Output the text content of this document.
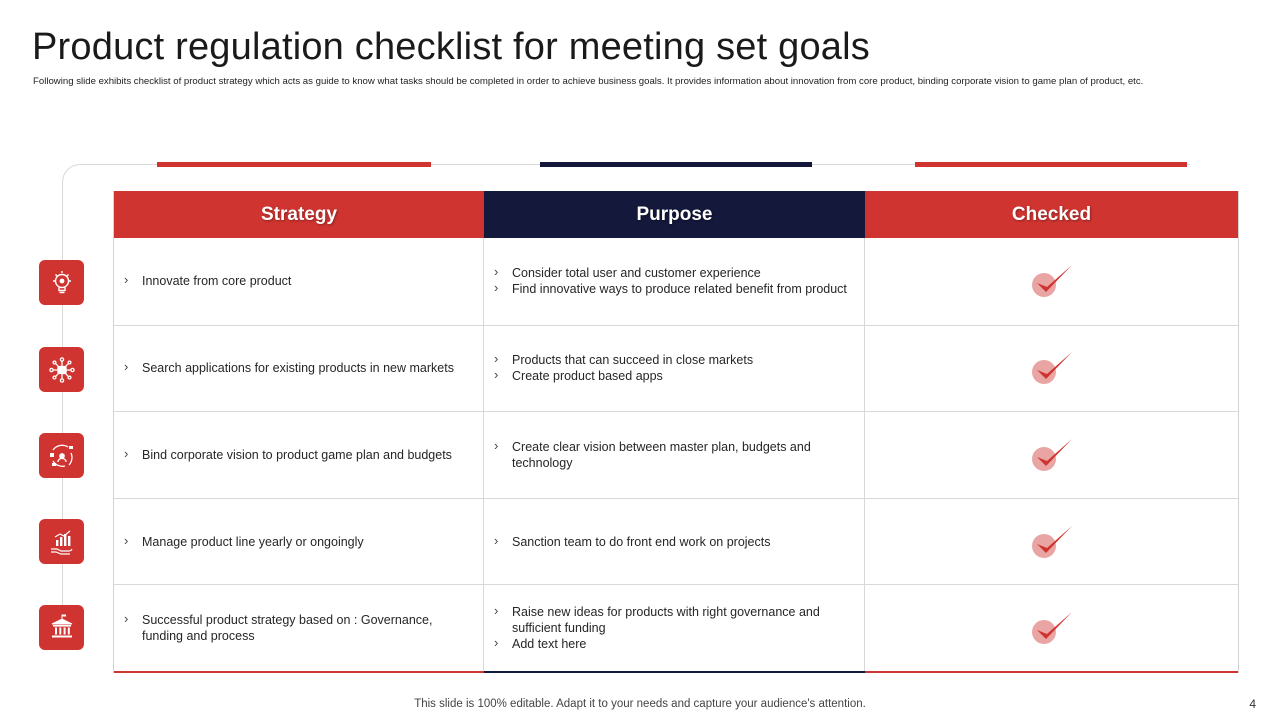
Product regulation checklist for meeting set goals
Following slide exhibits checklist of product strategy which acts as guide to know what tasks should be completed in order to achieve business goals. It provides information about innovation from core product, binding corporate vision to game plan of product, etc.
Strategy	Purpose	Checked
› Innovate from core product
› Consider total user and customer experience
› Find innovative ways to produce related benefit from product
› Search applications for existing products in new markets
› Products that can succeed in close markets
› Create product based apps
› Bind corporate vision to product game plan and budgets
› Create clear vision between master plan, budgets and technology
› Manage product line yearly or ongoingly
›	Sanction team to do front end work on projects
› Successful product strategy based on : Governance, funding and process
› Raise new ideas for products with right governance and sufficient funding
› Add text here
This slide is 100% editable. Adapt it to your needs and capture your audience's attention.	4
